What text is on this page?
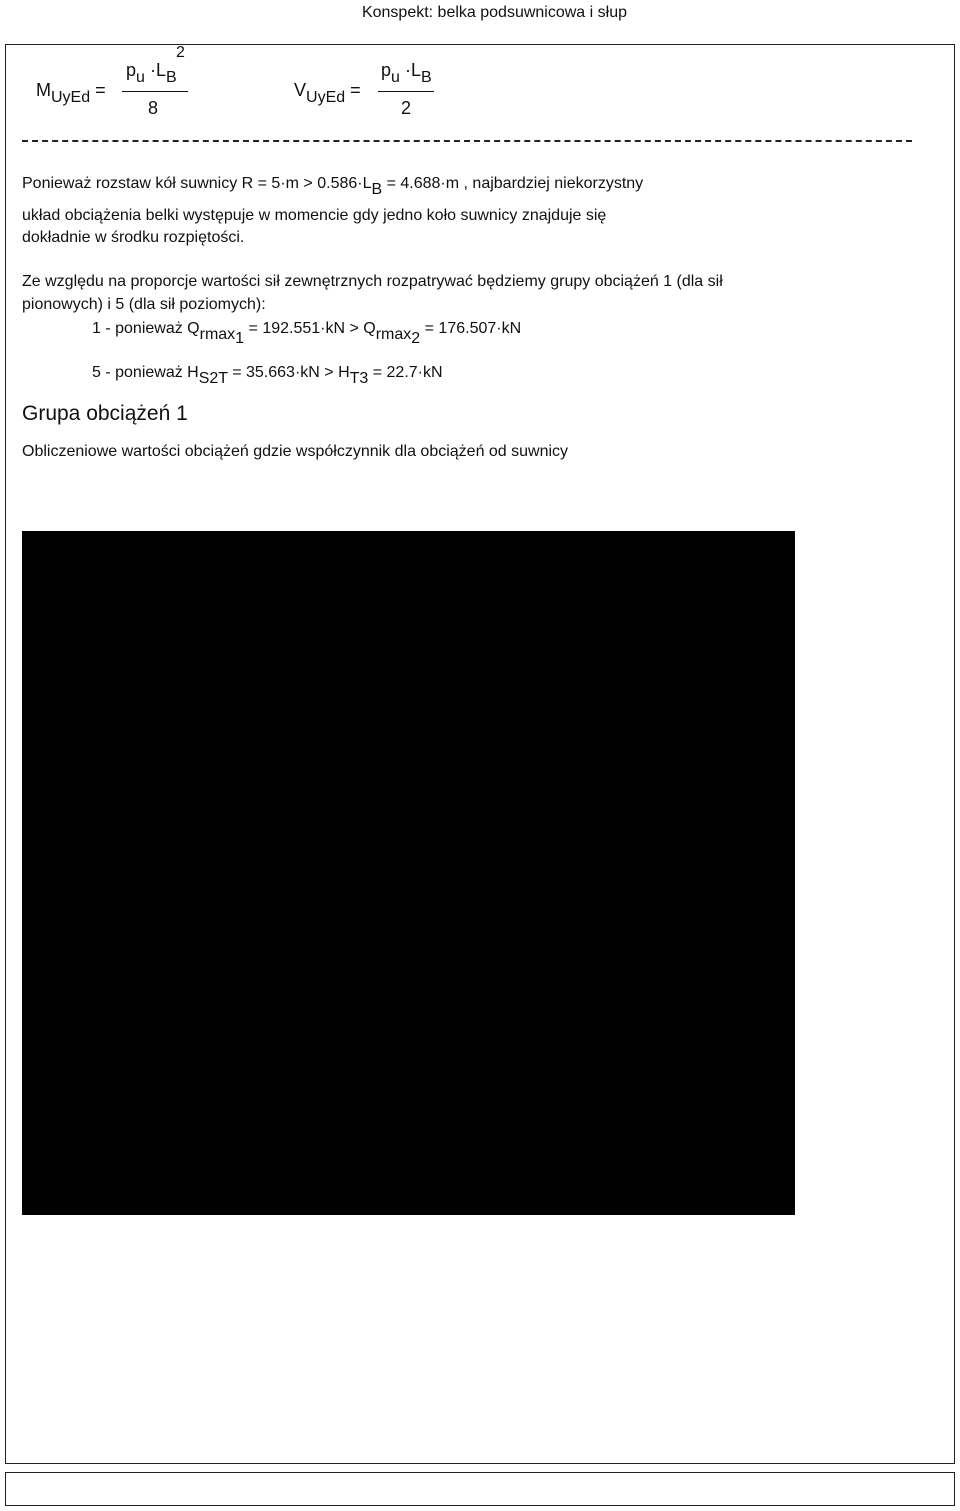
Konspekt: belka podsuwnicowa i słup
MUyEd =
pu ·LB
2
8
VUyEd =
pu ·LB
2
Ponieważ rozstaw kół suwnicy R = 5·m > 0.586·LB = 4.688·m , najbardziej niekorzystny
układ obciążenia belki występuje w momencie gdy jedno koło suwnicy znajduje się
dokładnie w środku rozpiętości.
Ze względu na proporcje wartości sił zewnętrznych rozpatrywać będziemy grupy obciążeń 1 (dla sił
pionowych) i 5 (dla sił poziomych):
1 - ponieważ Qrmax1 = 192.551·kN > Qrmax2 = 176.507·kN
5 - ponieważ HS2T = 35.663·kN > HT3 = 22.7·kN
Grupa obciążeń 1
Obliczeniowe wartości obciążeń gdzie współczynnik dla obciążeń od suwnicy
